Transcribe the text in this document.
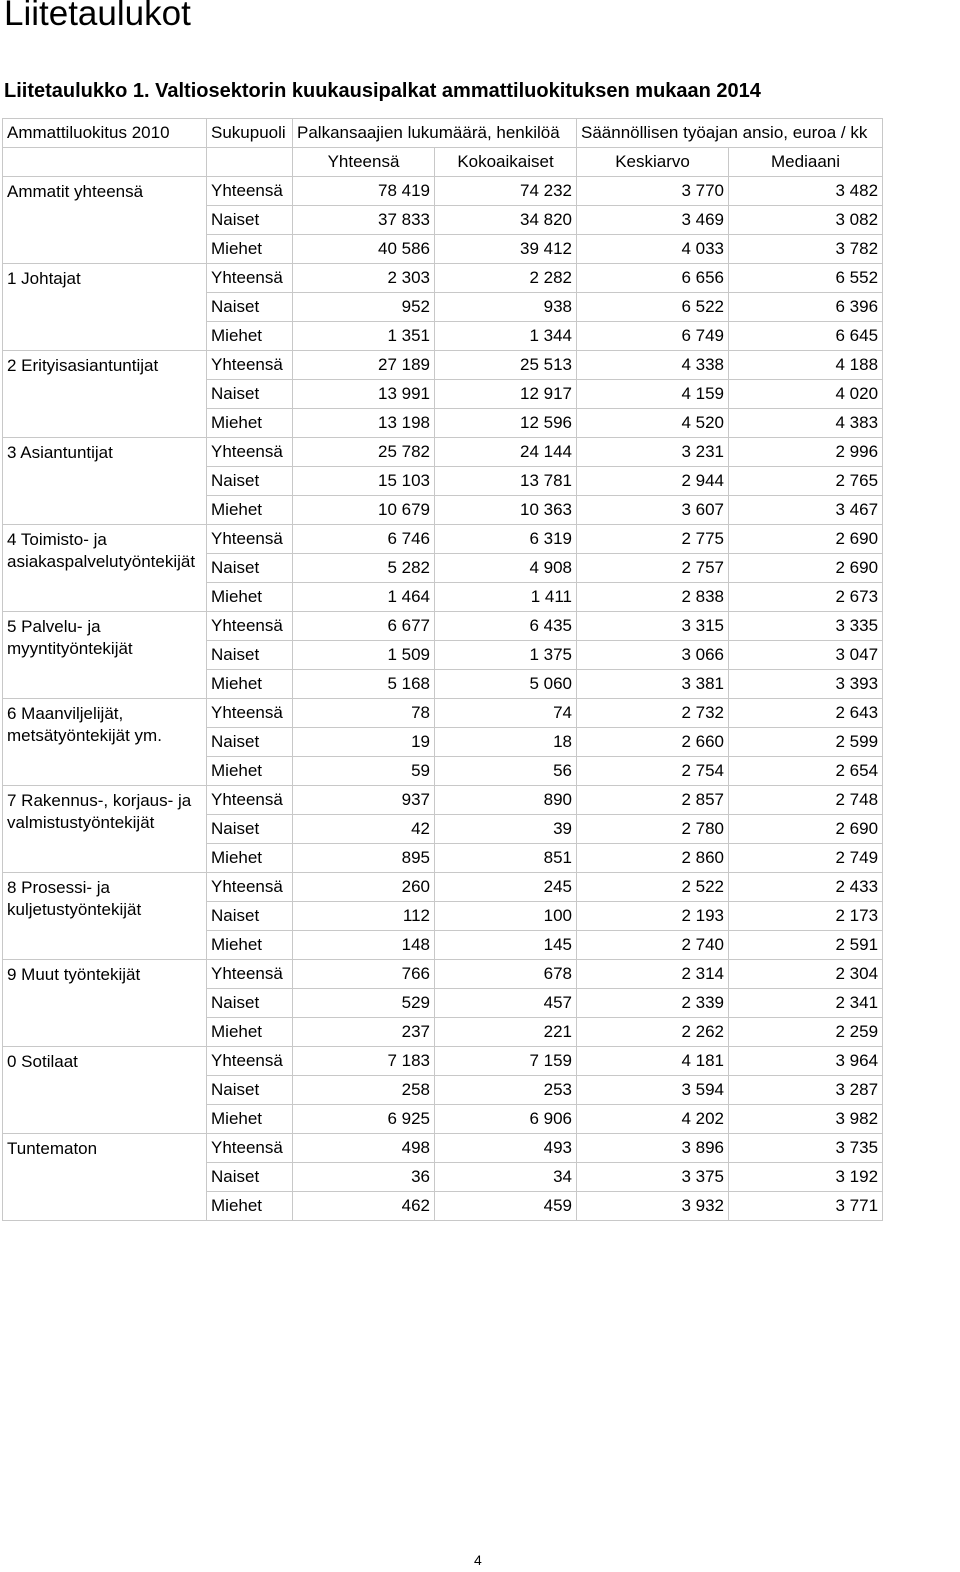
Liitetaulukot
Liitetaulukko 1. Valtiosektorin kuukausipalkat ammattiluokituksen mukaan 2014
Ammattiluokitus 2010	Sukupuoli	Palkansaajien lukumäärä, henkilöä		Säännöllisen työajan ansio, euroa / kk	
		Yhteensä	Kokoaikaiset	Keskiarvo	Mediaani
Ammatit yhteensä	Yhteensä	78 419	74 232	3 770	3 482
	Naiset	37 833	34 820	3 469	3 082
	Miehet	40 586	39 412	4 033	3 782
1 Johtajat	Yhteensä	2 303	2 282	6 656	6 552
	Naiset	952	938	6 522	6 396
	Miehet	1 351	1 344	6 749	6 645
2 Erityisasiantuntijat	Yhteensä	27 189	25 513	4 338	4 188
	Naiset	13 991	12 917	4 159	4 020
	Miehet	13 198	12 596	4 520	4 383
3 Asiantuntijat	Yhteensä	25 782	24 144	3 231	2 996
	Naiset	15 103	13 781	2 944	2 765
	Miehet	10 679	10 363	3 607	3 467
4 Toimisto- ja asiakaspalvelutyöntekijät	Yhteensä	6 746	6 319	2 775	2 690
	Naiset	5 282	4 908	2 757	2 690
	Miehet	1 464	1 411	2 838	2 673
5 Palvelu- ja myyntityöntekijät	Yhteensä	6 677	6 435	3 315	3 335
	Naiset	1 509	1 375	3 066	3 047
	Miehet	5 168	5 060	3 381	3 393
6 Maanviljelijät, metsätyöntekijät ym.	Yhteensä	78	74	2 732	2 643
	Naiset	19	18	2 660	2 599
	Miehet	59	56	2 754	2 654
7 Rakennus-, korjaus- ja valmistustyöntekijät	Yhteensä	937	890	2 857	2 748
	Naiset	42	39	2 780	2 690
	Miehet	895	851	2 860	2 749
8 Prosessi- ja kuljetustyöntekijät	Yhteensä	260	245	2 522	2 433
	Naiset	112	100	2 193	2 173
	Miehet	148	145	2 740	2 591
9 Muut työntekijät	Yhteensä	766	678	2 314	2 304
	Naiset	529	457	2 339	2 341
	Miehet	237	221	2 262	2 259
0 Sotilaat	Yhteensä	7 183	7 159	4 181	3 964
	Naiset	258	253	3 594	3 287
	Miehet	6 925	6 906	4 202	3 982
Tuntematon	Yhteensä	498	493	3 896	3 735
	Naiset	36	34	3 375	3 192
	Miehet	462	459	3 932	3 771
4
